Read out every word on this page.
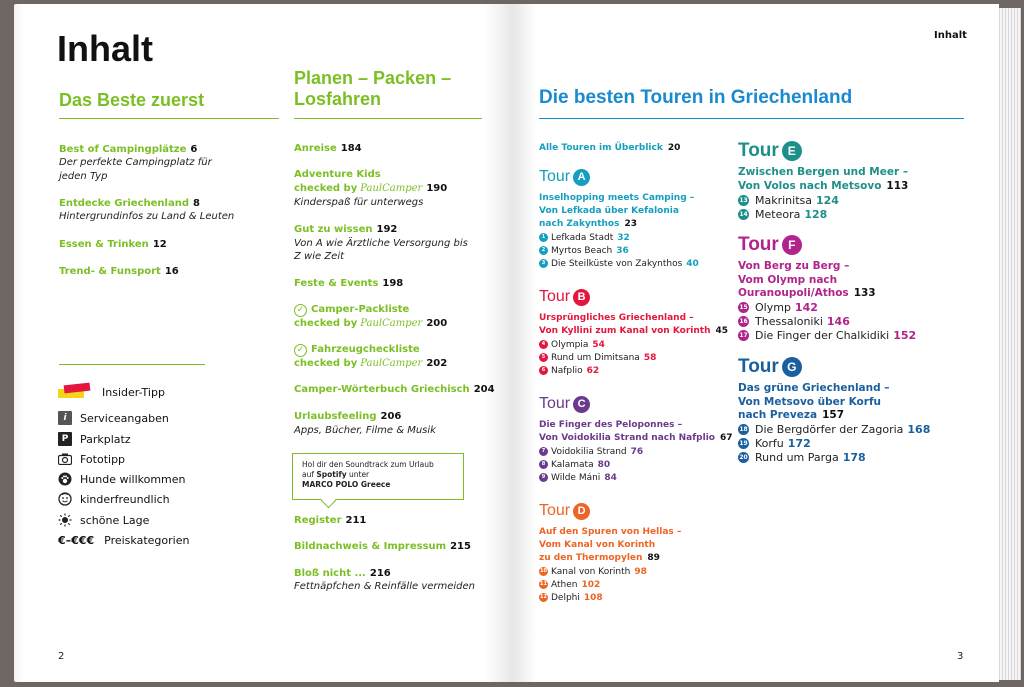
Inhalt
Das Beste zuerst
Best of Campingplätze 6
Der perfekte Campingplatz für
jeden Typ
Entdecke Griechenland 8
Hintergrundinfos zu Land & Leuten
Essen & Trinken 12
Trend- & Funsport 16
Insider-Tipp
i	Serviceangaben
P	Parkplatz
Fototipp
Hunde willkommen
kinderfreundlich
schöne Lage
€–€€€ Preiskategorien
Planen – Packen –
Losfahren
Anreise 184
Adventure Kids
checked by PaulCamper 190
Kinderspaß für unterwegs
Gut zu wissen 192
Von A wie Ärztliche Versorgung bis
Z wie Zeit
Feste & Events 198
✓ Camper-Packliste
checked by PaulCamper 200
✓ Fahrzeugcheckliste
checked by PaulCamper 202
Camper-Wörterbuch Griechisch 204
Urlaubsfeeling 206
Apps, Bücher, Filme & Musik
Hol dir den Soundtrack zum Urlaub
auf Spotify unter
MARCO POLO Greece
Register 211
Bildnachweis & Impressum 215
Bloß nicht ... 216
Fettnäpfchen & Reinfälle vermeiden
2
Inhalt
Die besten Touren in Griechenland
Alle Touren im Überblick 20
3
Tour A
Inselhopping meets Camping –
Von Lefkada über Kefalonia
nach Zakynthos 23
1 Lefkada Stadt 32
2 Myrtos Beach 36
3 Die Steilküste von Zakynthos 40
Tour B
Ursprüngliches Griechenland –
Von Kyllini zum Kanal von Korinth 45
4 Olympia 54
5 Rund um Dimitsana 58
6 Nafplio 62
Tour C
Die Finger des Peloponnes –
Von Voidokilia Strand nach Nafplio 67
7 Voidokilia Strand 76
8 Kalamata 80
9 Wilde Máni 84
Tour D
Auf den Spuren von Hellas –
Vom Kanal von Korinth
zu den Thermopylen 89
10 Kanal von Korinth 98
11 Athen 102
12 Delphi 108
Tour E
Zwischen Bergen und Meer –
Von Volos nach Metsovo 113
13 Makrinitsa 124
14 Meteora 128
Tour F
Von Berg zu Berg –
Vom Olymp nach
Ouranoupoli/Athos 133
15 Olymp 142
16 Thessaloniki 146
17 Die Finger der Chalkidiki 152
Tour G
Das grüne Griechenland –
Von Metsovo über Korfu
nach Preveza 157
18 Die Bergdörfer der Zagoria 168
19 Korfu 172
20 Rund um Parga 178
